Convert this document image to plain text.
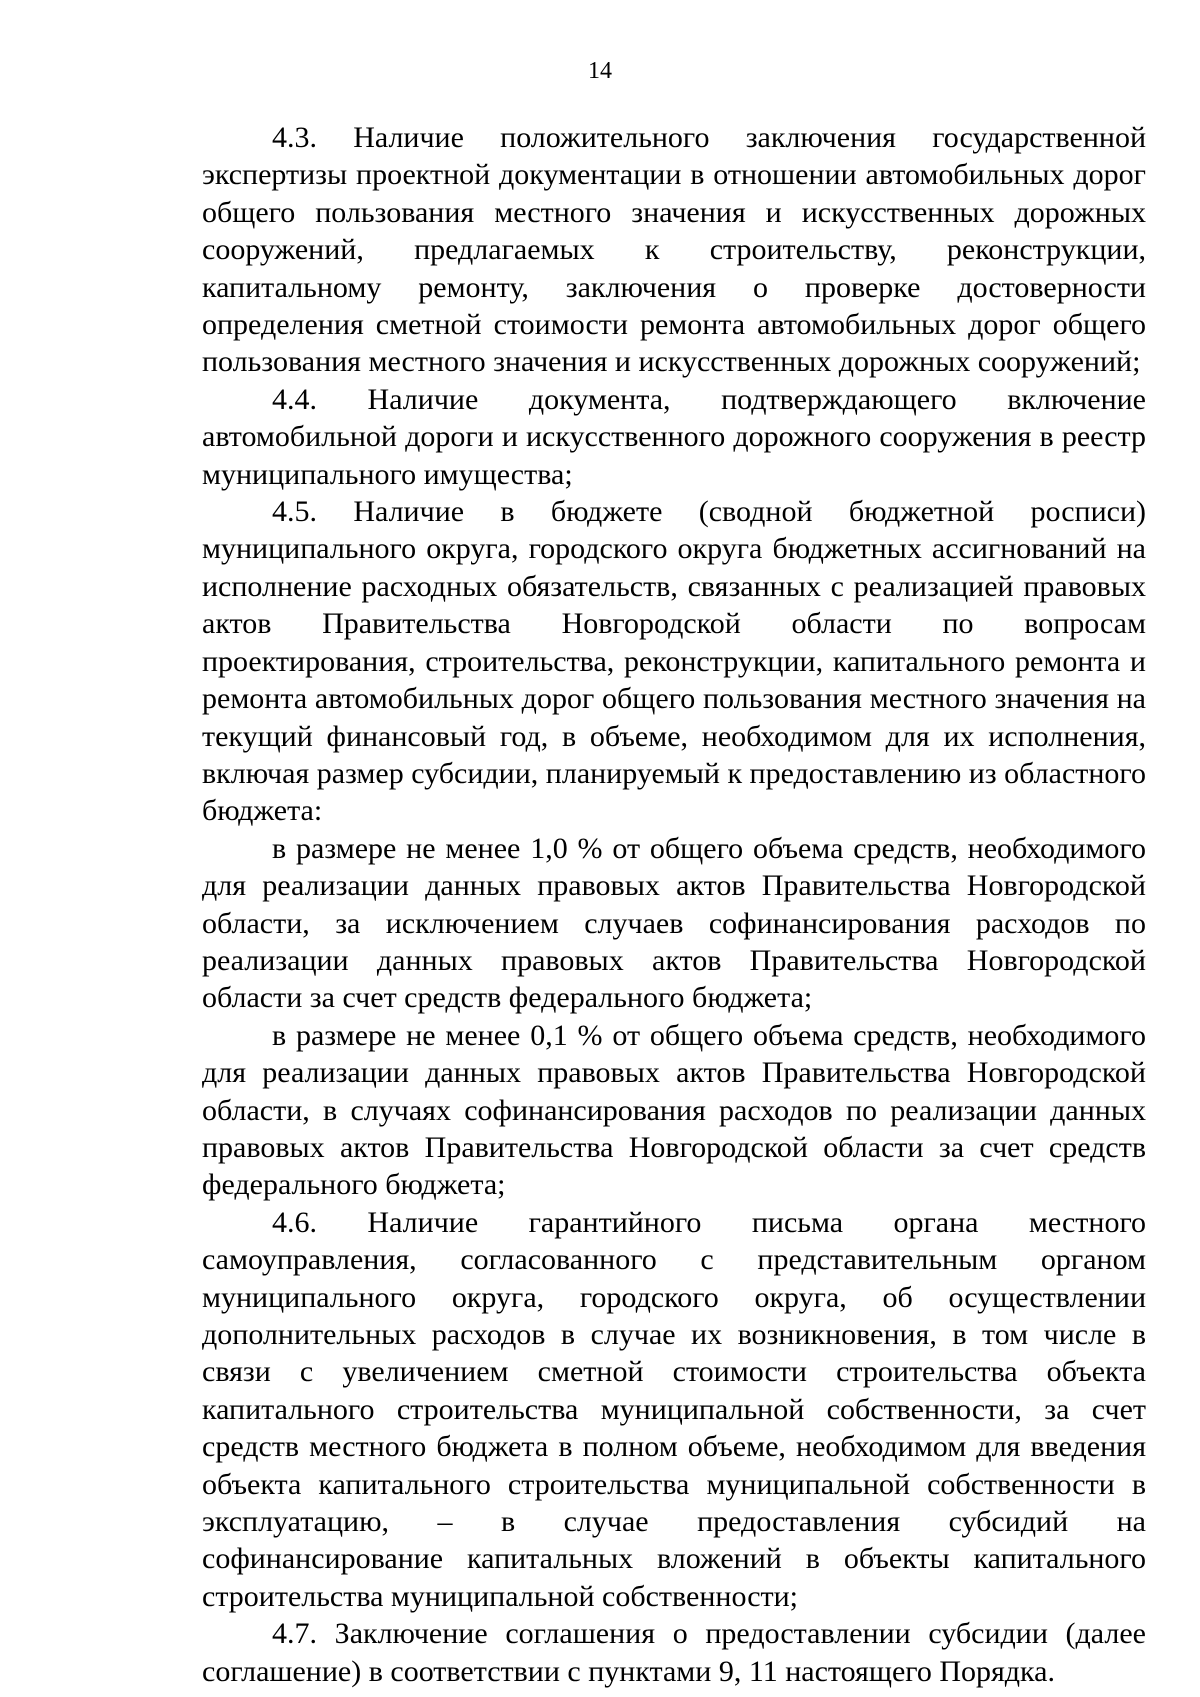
14

4.3. Наличие положительного заключения государственной экспертизы проектной документации в отношении автомобильных дорог общего пользования местного значения и искусственных дорожных сооружений, предлагаемых к строительству, реконструкции, капитальному ремонту, заключения о проверке достоверности определения сметной стоимости ремонта автомобильных дорог общего пользования местного значения и искусственных дорожных сооружений;

4.4. Наличие документа, подтверждающего включение автомобильной дороги и искусственного дорожного сооружения в реестр муниципального имущества;

4.5. Наличие в бюджете (сводной бюджетной росписи) муниципального округа, городского округа бюджетных ассигнований на исполнение расходных обязательств, связанных с реализацией правовых актов Правительства Новгородской области по вопросам проектирования, строительства, реконструкции, капитального ремонта и ремонта автомобильных дорог общего пользования местного значения на текущий финансовый год, в объеме, необходимом для их исполнения, включая размер субсидии, планируемый к предоставлению из областного бюджета:

в размере не менее 1,0 % от общего объема средств, необходимого для реализации данных правовых актов Правительства Новгородской области, за исключением случаев софинансирования расходов по реализации данных правовых актов Правительства Новгородской области за счет средств федерального бюджета;

в размере не менее 0,1 % от общего объема средств, необходимого для реализации данных правовых актов Правительства Новгородской области, в случаях софинансирования расходов по реализации данных правовых актов Правительства Новгородской области за счет средств федерального бюджета;

4.6. Наличие гарантийного письма органа местного самоуправления, согласованного с представительным органом муниципального округа, городского округа, об осуществлении дополнительных расходов в случае их возникновения, в том числе в связи с увеличением сметной стоимости строительства объекта капитального строительства муниципальной собственности, за счет средств местного бюджета в полном объеме, необходимом для введения объекта капитального строительства муниципальной собственности в эксплуатацию, – в случае предоставления субсидий на софинансирование капитальных вложений в объекты капитального строительства муниципальной собственности;

4.7. Заключение соглашения о предоставлении субсидии (далее соглашение) в соответствии с пунктами 9, 11 настоящего Порядка.
